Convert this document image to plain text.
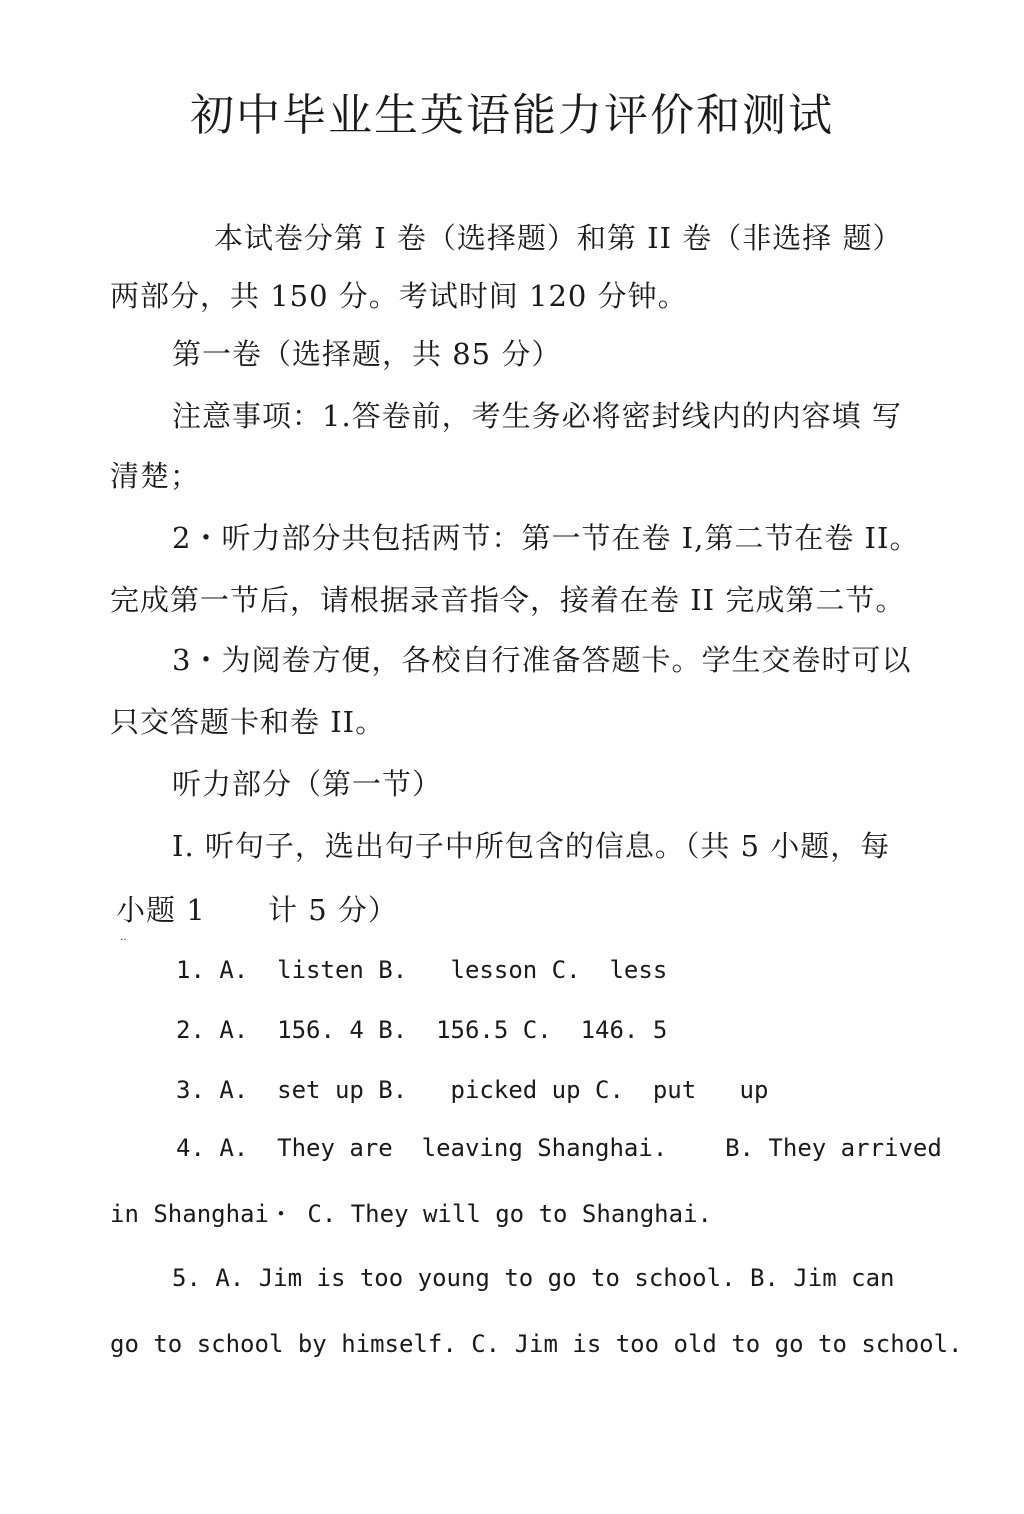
初中毕业生英语能力评价和测试
本试卷分第 I 卷（选择题）和第 II 卷（非选择 题）
两部分，共 150 分。考试时间 120 分钟。
第一卷（选择题，共 85 分）
注意事项：1.答卷前，考生务必将密封线内的内容填 写
清楚；
2・听力部分共包括两节：第一节在卷 I,第二节在卷 II。
完成第一节后，请根据录音指令，接着在卷 II 完成第二节。
3・为阅卷方便，各校自行准备答题卡。学生交卷时可以
只交答题卡和卷 II。
听力部分（第一节）
I. 听句子，选出句子中所包含的信息。（共 5 小题，每
小题 1 计 5 分）
‥
1. A.  listen B.   lesson C.  less
2. A.  156. 4 B.  156.5 C.  146. 5
3. A.  set up B.   picked up C.  put   up
4. A.  They are  leaving Shanghai.    B. They arrived
in Shanghai・ C. They will go to Shanghai.
5. A. Jim is too young to go to school. B. Jim can
go to school by himself. C. Jim is too old to go to school.
